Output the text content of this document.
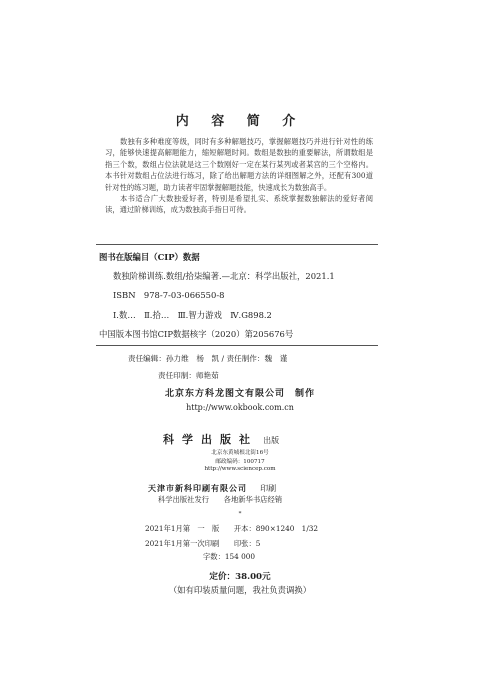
内 容 简 介

数独有多种难度等级，同时有多种解题技巧，掌握解题技巧并进行针对性的练习，能够快速提高解题能力，缩短解题时间。数组是数独的重要解法，所谓数组是指三个数，数组占位法就是这三个数刚好一定在某行某列或者某宫的三个空格内。本书针对数组占位法进行练习，除了给出解题方法的详细图解之外，还配有300道针对性的练习题，助力读者牢固掌握解题技能，快速成长为数独高手。

本书适合广大数独爱好者，特别是希望扎实、系统掌握数独解法的爱好者阅读，通过阶梯训练，成为数独高手指日可待。

图书在版编目（CIP）数据
数独阶梯训练.数组/拾柒编著.—北京：科学出版社，2021.1
ISBN　978-7-03-066550-8
Ⅰ.数…　Ⅱ.拾…　Ⅲ.智力游戏　Ⅳ.G898.2
中国版本图书馆CIP数据核字（2020）第205676号
责任编辑：孙力维　杨　凯 / 责任制作：魏　谨
责任印制：师艳茹
北京东方科龙图文有限公司　制作
http://www.okbook.com.cn
科学出版社 出版
北京东黄城根北街16号
邮政编码：100717
http://www.sciencep.com
天津市新科印刷有限公司 印刷
科学出版社发行　　各地新华书店经销
*
2021年1月第　一　版　　开本：890×1240　1/32
2021年1月第一次印刷　　印张：5
字数：154 000
定价：38.00元
（如有印装质量问题，我社负责调换）
